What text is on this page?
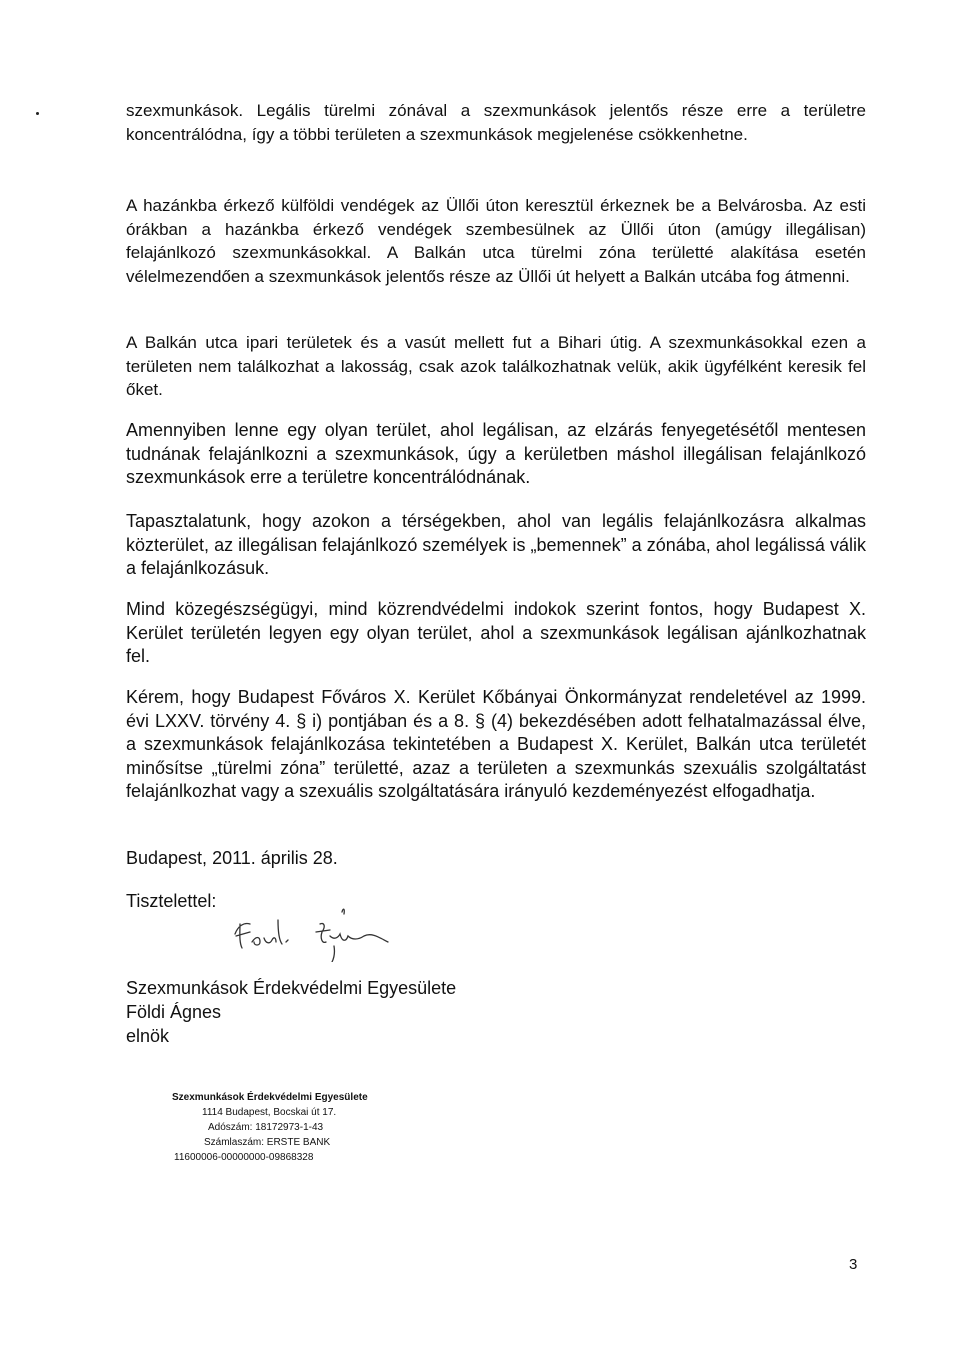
szexmunkások. Legális türelmi zónával a szexmunkások jelentős része erre a területre koncentrálódna, így a többi területen a szexmunkások megjelenése csökkenhetne.

A hazánkba érkező külföldi vendégek az Üllői úton keresztül érkeznek be a Belvárosba. Az esti órákban a hazánkba érkező vendégek szembesülnek az Üllői úton (amúgy illegálisan) felajánlkozó szexmunkásokkal. A Balkán utca türelmi zóna területté alakítása esetén vélelmezendően a szexmunkások jelentős része az Üllői út helyett a Balkán utcába fog átmenni.

A Balkán utca ipari területek és a vasút mellett fut a Bihari útig. A szexmunkásokkal ezen a területen nem találkozhat a lakosság, csak azok találkozhatnak velük, akik ügyfélként keresik fel őket.

Amennyiben lenne egy olyan terület, ahol legálisan, az elzárás fenyegetésétől mentesen tudnának felajánlkozni a szexmunkások, úgy a kerületben máshol illegálisan felajánlkozó szexmunkások erre a területre koncentrálódnának.

Tapasztalatunk, hogy azokon a térségekben, ahol van legális felajánlkozásra alkalmas közterület, az illegálisan felajánlkozó személyek is „bemennek” a zónába, ahol legálissá válik a felajánlkozásuk.

Mind közegészségügyi, mind közrendvédelmi indokok szerint fontos, hogy Budapest X. Kerület területén legyen egy olyan terület, ahol a szexmunkások legálisan ajánlkozhatnak fel.

Kérem, hogy Budapest Főváros X. Kerület Kőbányai Önkormányzat rendeletével az 1999. évi LXXV. törvény 4. § i) pontjában és a 8. § (4) bekezdésében adott felhatalmazással élve, a szexmunkások felajánlkozása tekintetében a Budapest X. Kerület, Balkán utca területét minősítse „türelmi zóna” területté, azaz a területen a szexmunkás szexuális szolgáltatást felajánlkozhat vagy a szexuális szolgáltatására irányuló kezdeményezést elfogadhatja.

Budapest, 2011. április 28.

Tisztelettel:

Szexmunkások Érdekvédelmi Egyesülete

Földi Ágnes

elnök

Szexmunkások Érdekvédelmi Egyesülete
1114 Budapest, Bocskai út 17.
Adószám: 18172973-1-43
Számlaszám: ERSTE BANK
11600006-00000000-09868328
3
